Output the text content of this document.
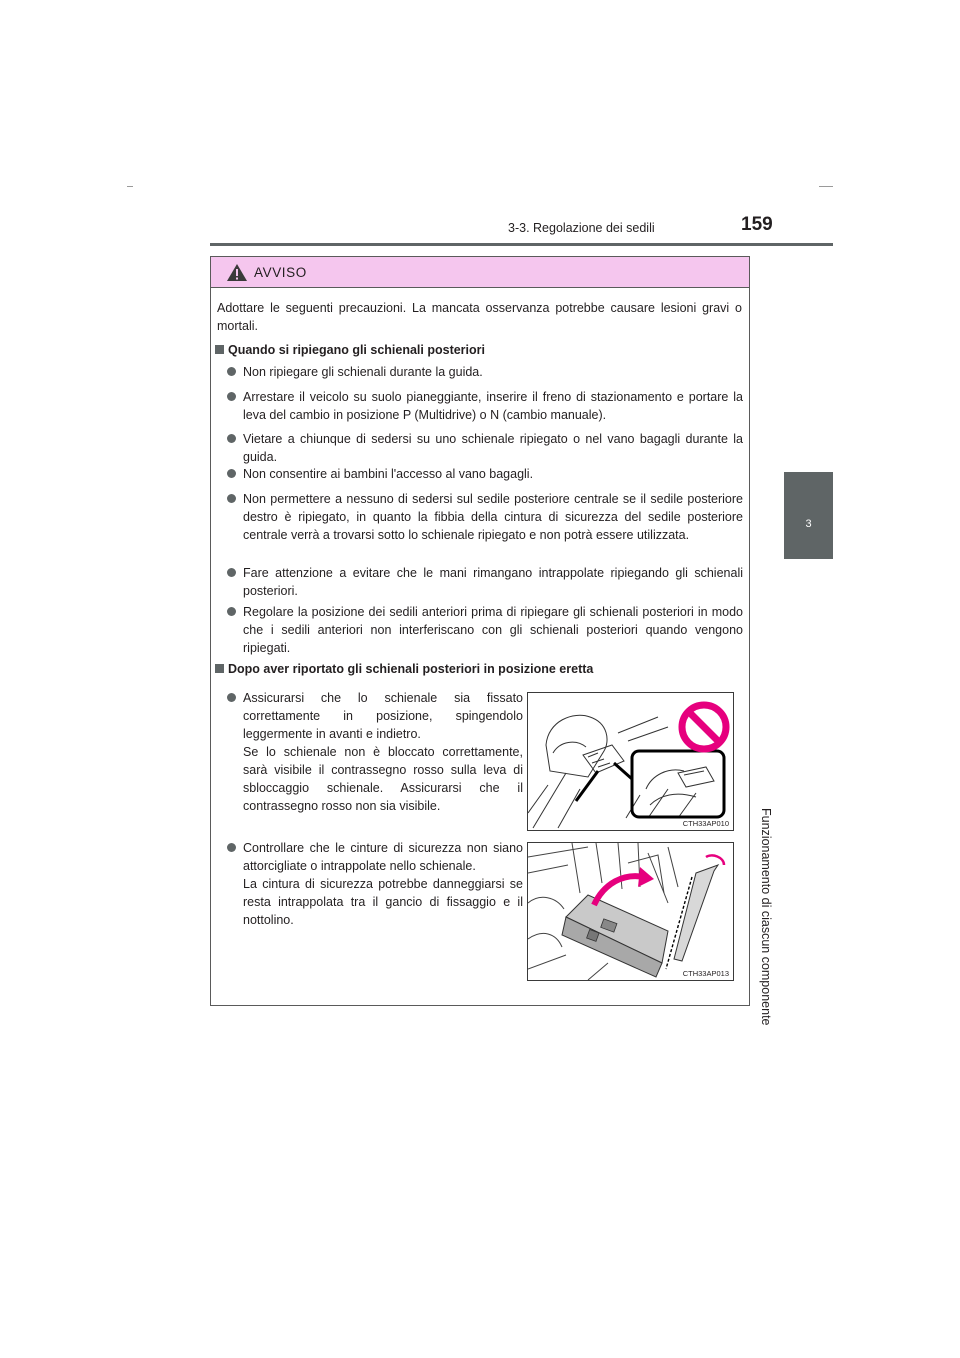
3-3. Regolazione dei sedili	159
3
Funzionamento di ciascun componente
AVVISO
Adottare le seguenti precauzioni. La mancata osservanza potrebbe causare lesioni gravi o mortali.
Quando si ripiegano gli schienali posteriori
Non ripiegare gli schienali durante la guida.
Arrestare il veicolo su suolo pianeggiante, inserire il freno di stazionamento e portare la leva del cambio in posizione P (Multidrive) o N (cambio manuale).
Vietare a chiunque di sedersi su uno schienale ripiegato o nel vano bagagli durante la guida.
Non consentire ai bambini l'accesso al vano bagagli.
Non permettere a nessuno di sedersi sul sedile posteriore centrale se il sedile posteriore destro è ripiegato, in quanto la fibbia della cintura di sicurezza del sedile posteriore centrale verrà a trovarsi sotto lo schienale ripiegato e non potrà essere utilizzata.
Fare attenzione a evitare che le mani rimangano intrappolate ripiegando gli schienali posteriori.
Regolare la posizione dei sedili anteriori prima di ripiegare gli schienali posteriori in modo che i sedili anteriori non interferiscano con gli schienali posteriori quando vengono ripiegati.
Dopo aver riportato gli schienali posteriori in posizione eretta
Assicurarsi che lo schienale sia fissato correttamente in posizione, spingendolo leggermente in avanti e indietro.
Se lo schienale non è bloccato correttamente, sarà visibile il contrassegno rosso sulla leva di sbloccaggio schienale. Assicurarsi che il contrassegno rosso non sia visibile.
Controllare che le cinture di sicurezza non siano attorcigliate o intrappolate nello schienale.
La cintura di sicurezza potrebbe danneggiarsi se resta intrappolata tra il gancio di fissaggio e il nottolino.
CTH33AP010
CTH33AP013
